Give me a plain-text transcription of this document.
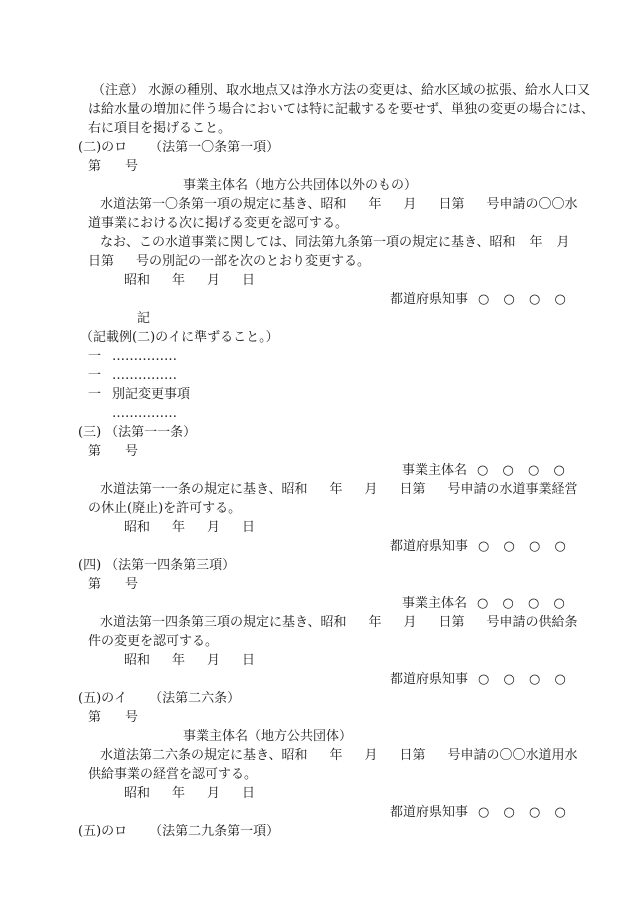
（注意） 水源の種別、取水地点又は浄水方法の変更は、給水区域の拡張、給水人口又
は給水量の増加に伴う場合においては特に記載するを要せず、単独の変更の場合には、
右に項目を掲げること。
(二)のロ （法第一〇条第一項）
第 号
事業主体名（地方公共団体以外のもの）
水道法第一〇条第一項の規定に基き、昭和 年 月 日第 号申請の〇〇水
道事業における次に掲げる変更を認可する。
なお、この水道事業に関しては、同法第九条第一項の規定に基き、昭和 年 月
日第 号の別記の一部を次のとおり変更する。
昭和 年 月 日
都道府県知事 ○ ○ ○ ○
記
（記載例(二)のイに準ずること。）
一 ……………
一 ……………
一 別記変更事項
……………
(三) （法第一一条）
第 号
事業主体名 ○ ○ ○ ○
水道法第一一条の規定に基き、昭和 年 月 日第 号申請の水道事業経営
の休止(廃止)を許可する。
昭和 年 月 日
都道府県知事 ○ ○ ○ ○
(四) （法第一四条第三項）
第 号
事業主体名 ○ ○ ○ ○
水道法第一四条第三項の規定に基き、昭和 年 月 日第 号申請の供給条
件の変更を認可する。
昭和 年 月 日
都道府県知事 ○ ○ ○ ○
(五)のイ （法第二六条）
第 号
事業主体名（地方公共団体）
水道法第二六条の規定に基き、昭和 年 月 日第 号申請の〇〇水道用水
供給事業の経営を認可する。
昭和 年 月 日
都道府県知事 ○ ○ ○ ○
(五)のロ （法第二九条第一項）
